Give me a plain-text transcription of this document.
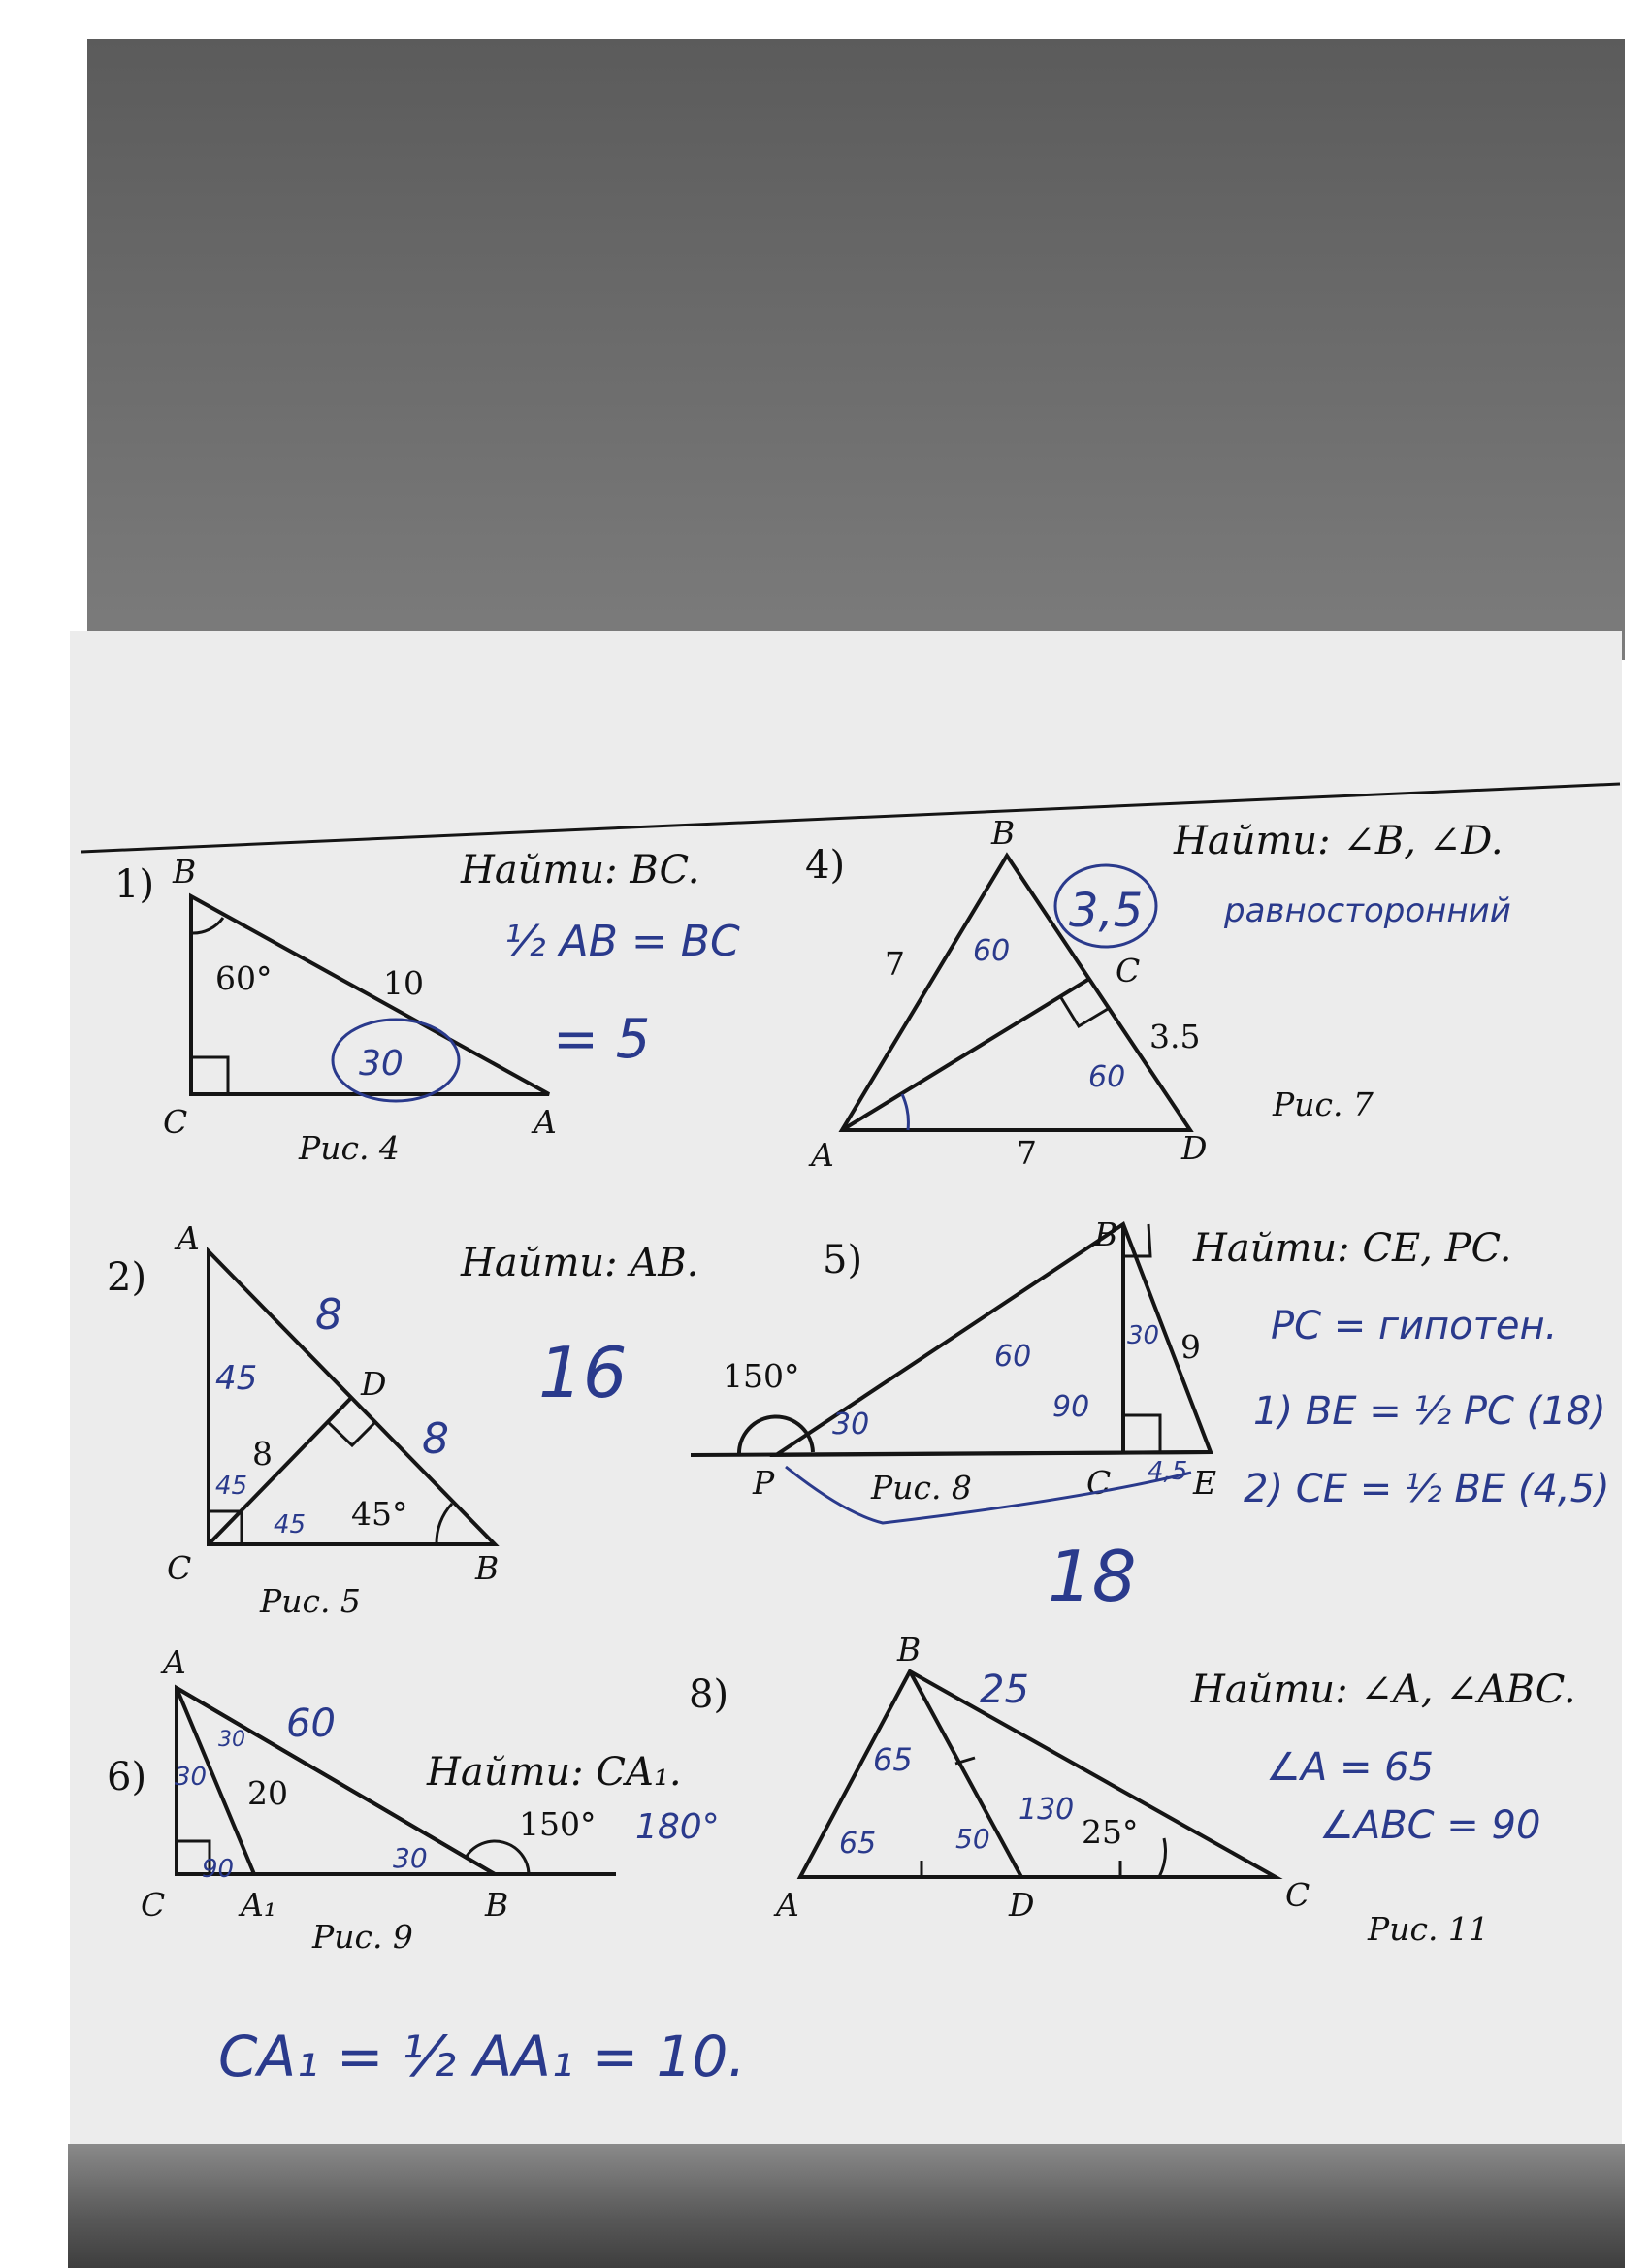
1)	Найти: BC.
B
C	A
60°	10
Рис. 4
30
½ AB = BC
= 5
4)
Найти: ∠B, ∠D.
B
C
A	D
7
3.5
7
Рис. 7
60
3,5
60
равносторонний
2)	Найти: AB.
A
C	B
D
8
45°
Рис. 5
8
8
45
45
45
16
5)	Найти: CE, PC.
B
C	E
P
150°
9
Рис. 8
30
60
30
90
4,5
18
PC = гипотен.
1) BE = ½ PC (18)
2) CE = ½ BE (4,5)
6)	Найти: CA₁.
A
C A₁	B
20
150°
Рис. 9
60
30
30
30
90
180°
CA₁ = ½ AA₁ = 10.
8)	Найти: ∠A, ∠ABC.
B
A	D	C
25°
Рис. 11
65
25
65	50
130
∠A = 65
∠ABC = 90
